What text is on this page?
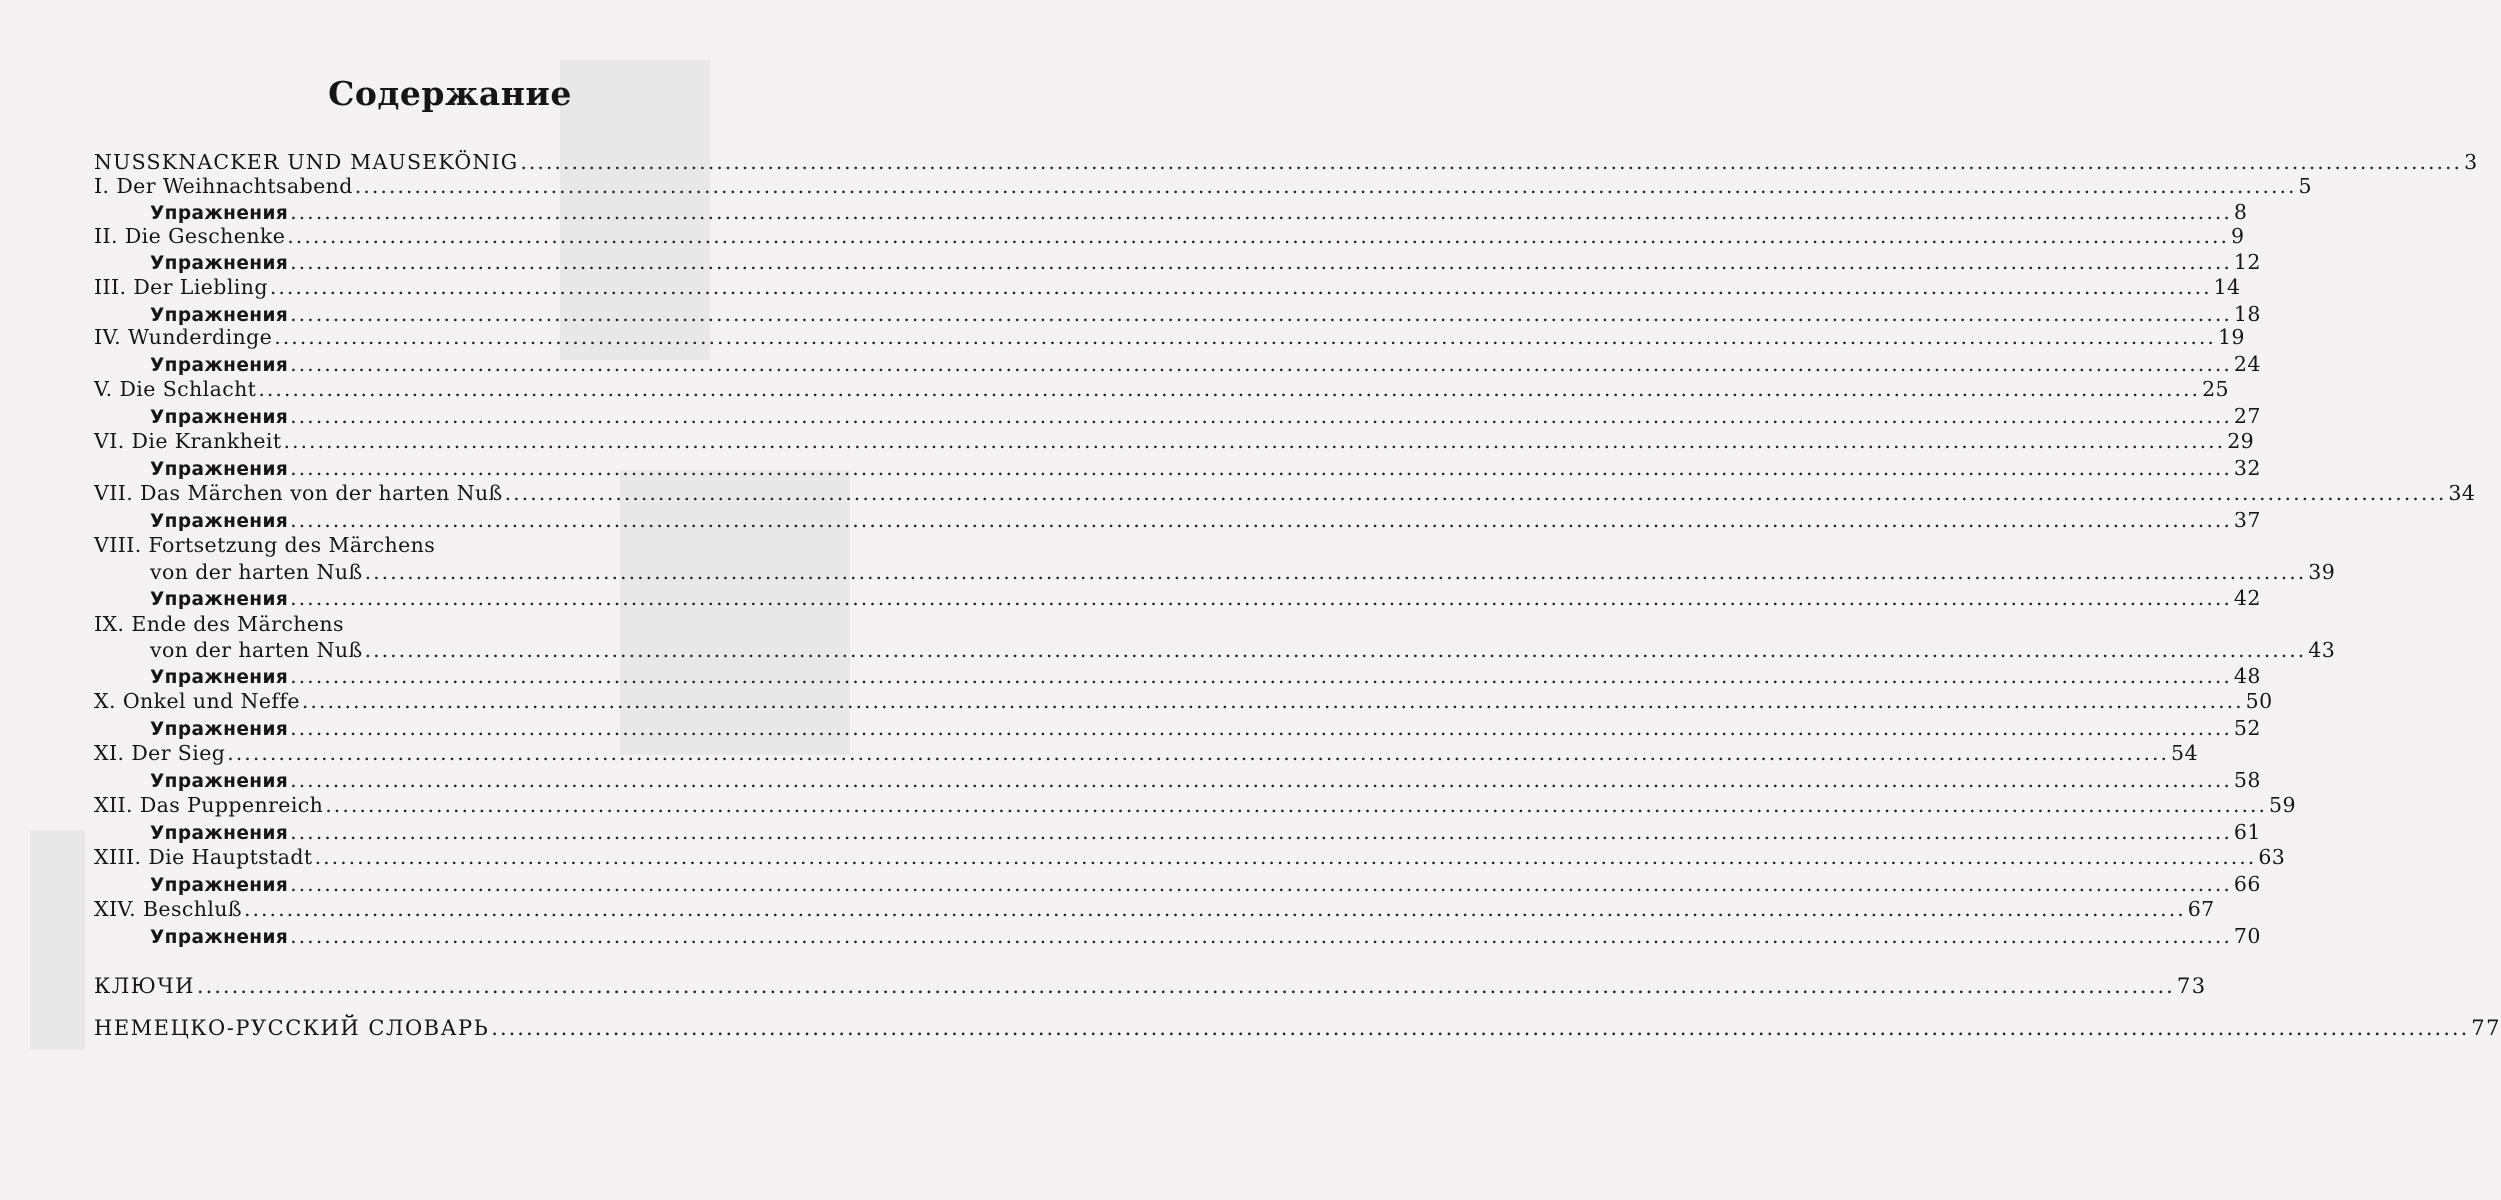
Содержание
NUSSKNACKER UND MAUSEKÖNIG .................................................................................................................................................................................................................................... 3
I. Der Weihnachtsabend .................................................................................................................................................................................................................................... 5
Упражнения .................................................................................................................................................................................................................................... 8
II. Die Geschenke .................................................................................................................................................................................................................................... 9
Упражнения .................................................................................................................................................................................................................................... 12
III. Der Liebling .................................................................................................................................................................................................................................... 14
Упражнения .................................................................................................................................................................................................................................... 18
IV. Wunderdinge .................................................................................................................................................................................................................................... 19
Упражнения .................................................................................................................................................................................................................................... 24
V. Die Schlacht .................................................................................................................................................................................................................................... 25
Упражнения .................................................................................................................................................................................................................................... 27
VI. Die Krankheit .................................................................................................................................................................................................................................... 29
Упражнения .................................................................................................................................................................................................................................... 32
VII. Das Märchen von der harten Nuß .................................................................................................................................................................................................................................... 34
Упражнения .................................................................................................................................................................................................................................... 37
VIII. Fortsetzung des Märchens
von der harten Nuß .................................................................................................................................................................................................................................... 39
Упражнения .................................................................................................................................................................................................................................... 42
IX. Ende des Märchens
von der harten Nuß .................................................................................................................................................................................................................................... 43
Упражнения .................................................................................................................................................................................................................................... 48
X. Onkel und Neffe .................................................................................................................................................................................................................................... 50
Упражнения .................................................................................................................................................................................................................................... 52
XI. Der Sieg .................................................................................................................................................................................................................................... 54
Упражнения .................................................................................................................................................................................................................................... 58
XII. Das Puppenreich .................................................................................................................................................................................................................................... 59
Упражнения .................................................................................................................................................................................................................................... 61
XIII. Die Hauptstadt .................................................................................................................................................................................................................................... 63
Упражнения .................................................................................................................................................................................................................................... 66
XIV. Beschluß .................................................................................................................................................................................................................................... 67
Упражнения .................................................................................................................................................................................................................................... 70
КЛЮЧИ .................................................................................................................................................................................................................................... 73
НЕМЕЦКО-РУССКИЙ СЛОВАРЬ .................................................................................................................................................................................................................................... 77
